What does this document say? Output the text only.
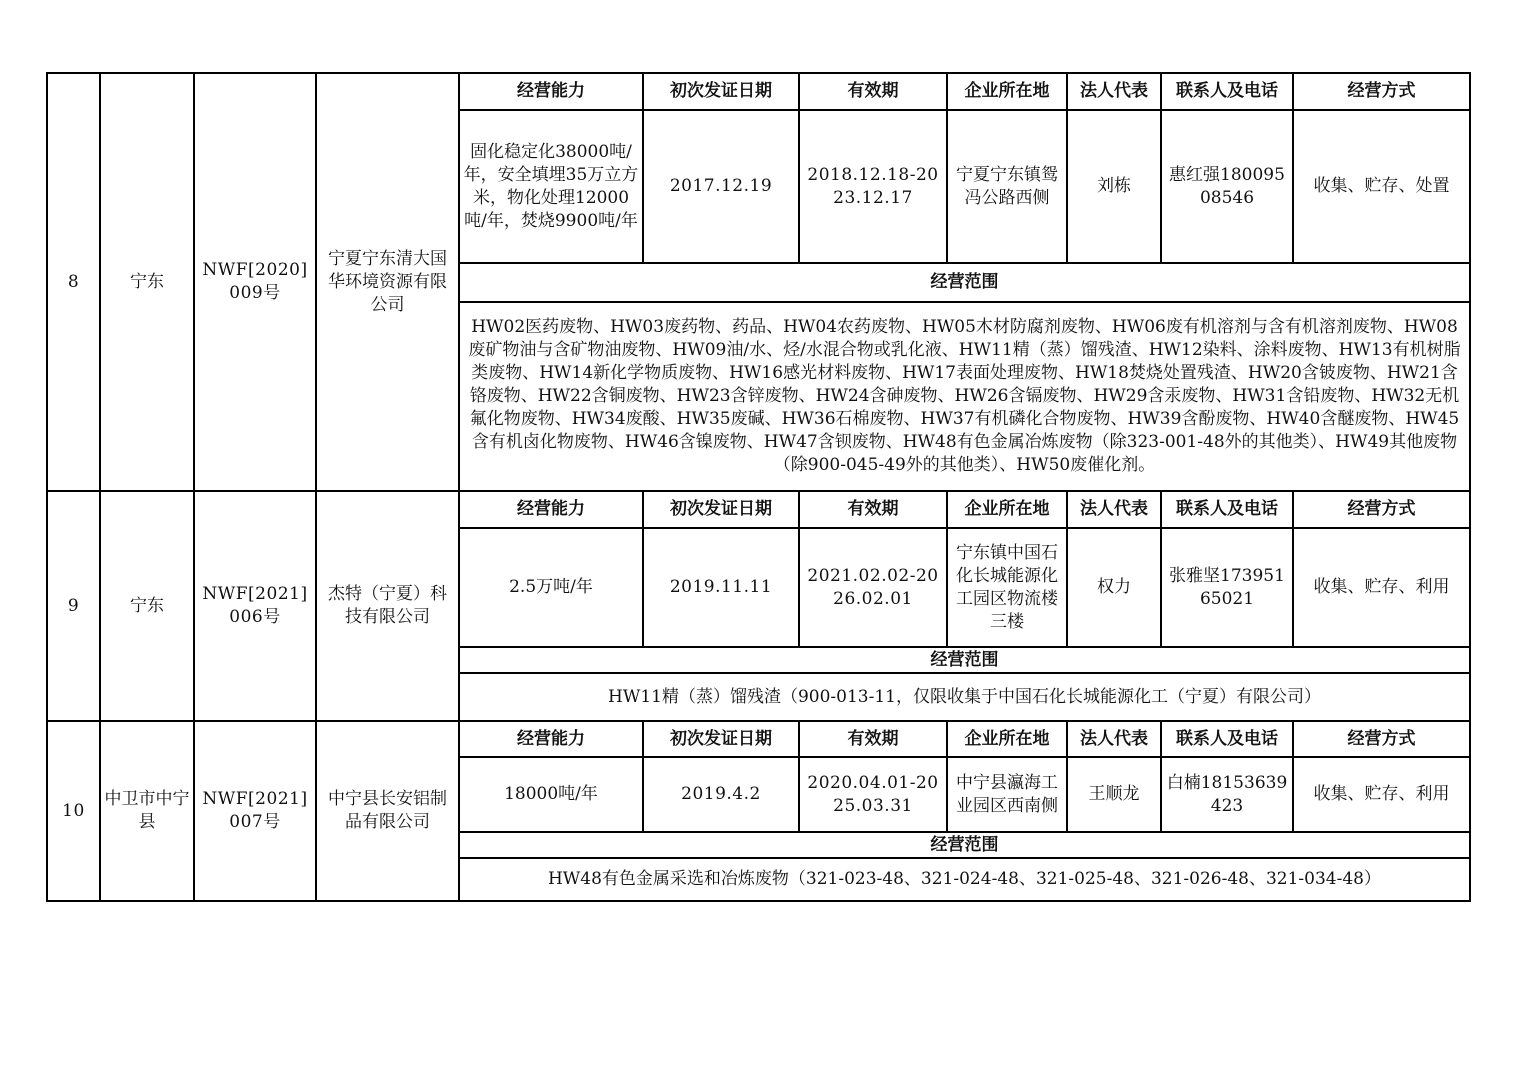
8	宁东	NWF[2020]009号	宁夏宁东清大国华环境资源有限公司	经营能力	初次发证日期	有效期	企业所在地	法人代表	联系人及电话	经营方式
				固化稳定化38000吨/年，安全填埋35万立方米，物化处理12000吨/年，焚烧9900吨/年	2017.12.19	2018.12.18-2023.12.17	宁夏宁东镇鸳冯公路西侧	刘栋	惠红强18009508546	收集、贮存、处置
				经营范围						
				HW02医药废物、HW03废药物、药品、HW04农药废物、HW05木材防腐剂废物、HW06废有机溶剂与含有机溶剂废物、HW08废矿物油与含矿物油废物、HW09油/水、烃/水混合物或乳化液、HW11精（蒸）馏残渣、HW12染料、涂料废物、HW13有机树脂类废物、HW14新化学物质废物、HW16感光材料废物、HW17表面处理废物、HW18焚烧处置残渣、HW20含铍废物、HW21含铬废物、HW22含铜废物、HW23含锌废物、HW24含砷废物、HW26含镉废物、HW29含汞废物、HW31含铅废物、HW32无机氟化物废物、HW34废酸、HW35废碱、HW36石棉废物、HW37有机磷化合物废物、HW39含酚废物、HW40含醚废物、HW45含有机卤化物废物、HW46含镍废物、HW47含钡废物、HW48有色金属冶炼废物（除323-001-48外的其他类）、HW49其他废物（除900-045-49外的其他类）、HW50废催化剂。						
9	宁东	NWF[2021]006号	杰特（宁夏）科技有限公司	经营能力	初次发证日期	有效期	企业所在地	法人代表	联系人及电话	经营方式
				2.5万吨/年	2019.11.11	2021.02.02-2026.02.01	宁东镇中国石化长城能源化工园区物流楼三楼	权力	张雅坚17395165021	收集、贮存、利用
				经营范围						
				HW11精（蒸）馏残渣（900-013-11，仅限收集于中国石化长城能源化工（宁夏）有限公司）						
10	中卫市中宁县	NWF[2021]007号	中宁县长安铝制品有限公司	经营能力	初次发证日期	有效期	企业所在地	法人代表	联系人及电话	经营方式
				18000吨/年	2019.4.2	2020.04.01-2025.03.31	中宁县瀛海工业园区西南侧	王顺龙	白楠18153639423	收集、贮存、利用
				经营范围						
				HW48有色金属采选和冶炼废物（321-023-48、321-024-48、321-025-48、321-026-48、321-034-48）						
